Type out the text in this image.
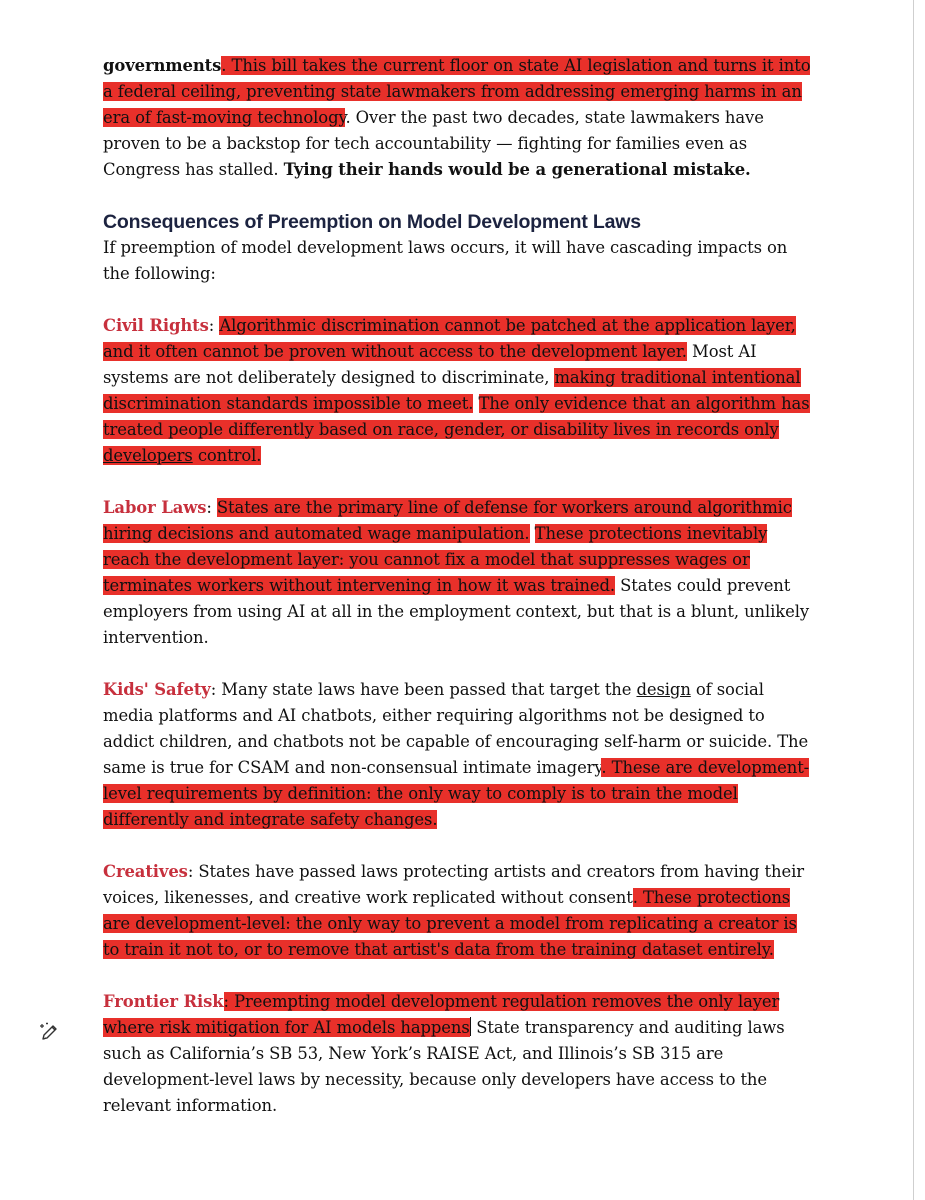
governments. This bill takes the current floor on state AI legislation and turns it into a federal ceiling, preventing state lawmakers from addressing emerging harms in an era of fast-moving technology. Over the past two decades, state lawmakers have proven to be a backstop for tech accountability — fighting for families even as Congress has stalled. Tying their hands would be a generational mistake.

Consequences of Preemption on Model Development Laws

If preemption of model development laws occurs, it will have cascading impacts on the following:

Civil Rights: Algorithmic discrimination cannot be patched at the application layer, and it often cannot be proven without access to the development layer. Most AI systems are not deliberately designed to discriminate, making traditional intentional discrimination standards impossible to meet. The only evidence that an algorithm has treated people differently based on race, gender, or disability lives in records only developers control.

Labor Laws: States are the primary line of defense for workers around algorithmic hiring decisions and automated wage manipulation. These protections inevitably reach the development layer: you cannot fix a model that suppresses wages or terminates workers without intervening in how it was trained. States could prevent employers from using AI at all in the employment context, but that is a blunt, unlikely intervention.

Kids' Safety: Many state laws have been passed that target the design of social media platforms and AI chatbots, either requiring algorithms not be designed to addict children, and chatbots not be capable of encouraging self-harm or suicide. The same is true for CSAM and non-consensual intimate imagery. These are development-level requirements by definition: the only way to comply is to train the model differently and integrate safety changes.

Creatives: States have passed laws protecting artists and creators from having their voices, likenesses, and creative work replicated without consent. These protections are development-level: the only way to prevent a model from replicating a creator is to train it not to, or to remove that artist's data from the training dataset entirely.

Frontier Risk: Preempting model development regulation removes the only layer where risk mitigation for AI models happens State transparency and auditing laws such as California’s SB 53, New York’s RAISE Act, and Illinois’s SB 315 are development-level laws by necessity, because only developers have access to the relevant information.
